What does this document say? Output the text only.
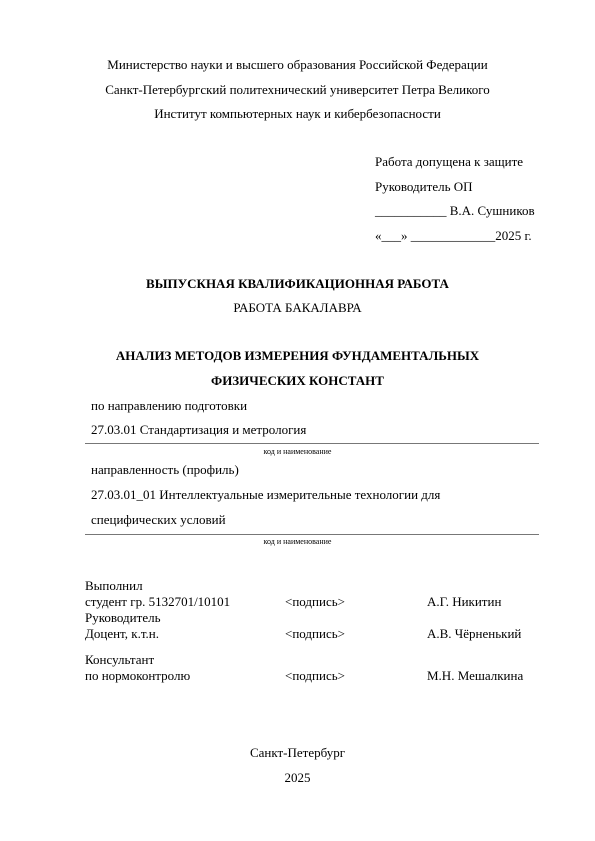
Министерство науки и высшего образования Российской Федерации
Санкт-Петербургский политехнический университет Петра Великого
Институт компьютерных наук и кибербезопасности
Работа допущена к защите
Руководитель ОП
___________ В.А. Сушников
«___» _____________2025 г.
ВЫПУСКНАЯ КВАЛИФИКАЦИОННАЯ РАБОТА
РАБОТА БАКАЛАВРА
АНАЛИЗ МЕТОДОВ ИЗМЕРЕНИЯ ФУНДАМЕНТАЛЬНЫХ
ФИЗИЧЕСКИХ КОНСТАНТ
по направлению подготовки
27.03.01 Стандартизация и метрология
код и наименование
направленность (профиль)
27.03.01_01 Интеллектуальные измерительные технологии для
специфических условий
код и наименование
Выполнил
студент гр. 5132701/10101	<подпись>	А.Г. Никитин
Руководитель
Доцент, к.т.н.	<подпись>	А.В. Чёрненький
Консультант
по нормоконтролю	<подпись>	М.Н. Мешалкина
Санкт-Петербург
2025
